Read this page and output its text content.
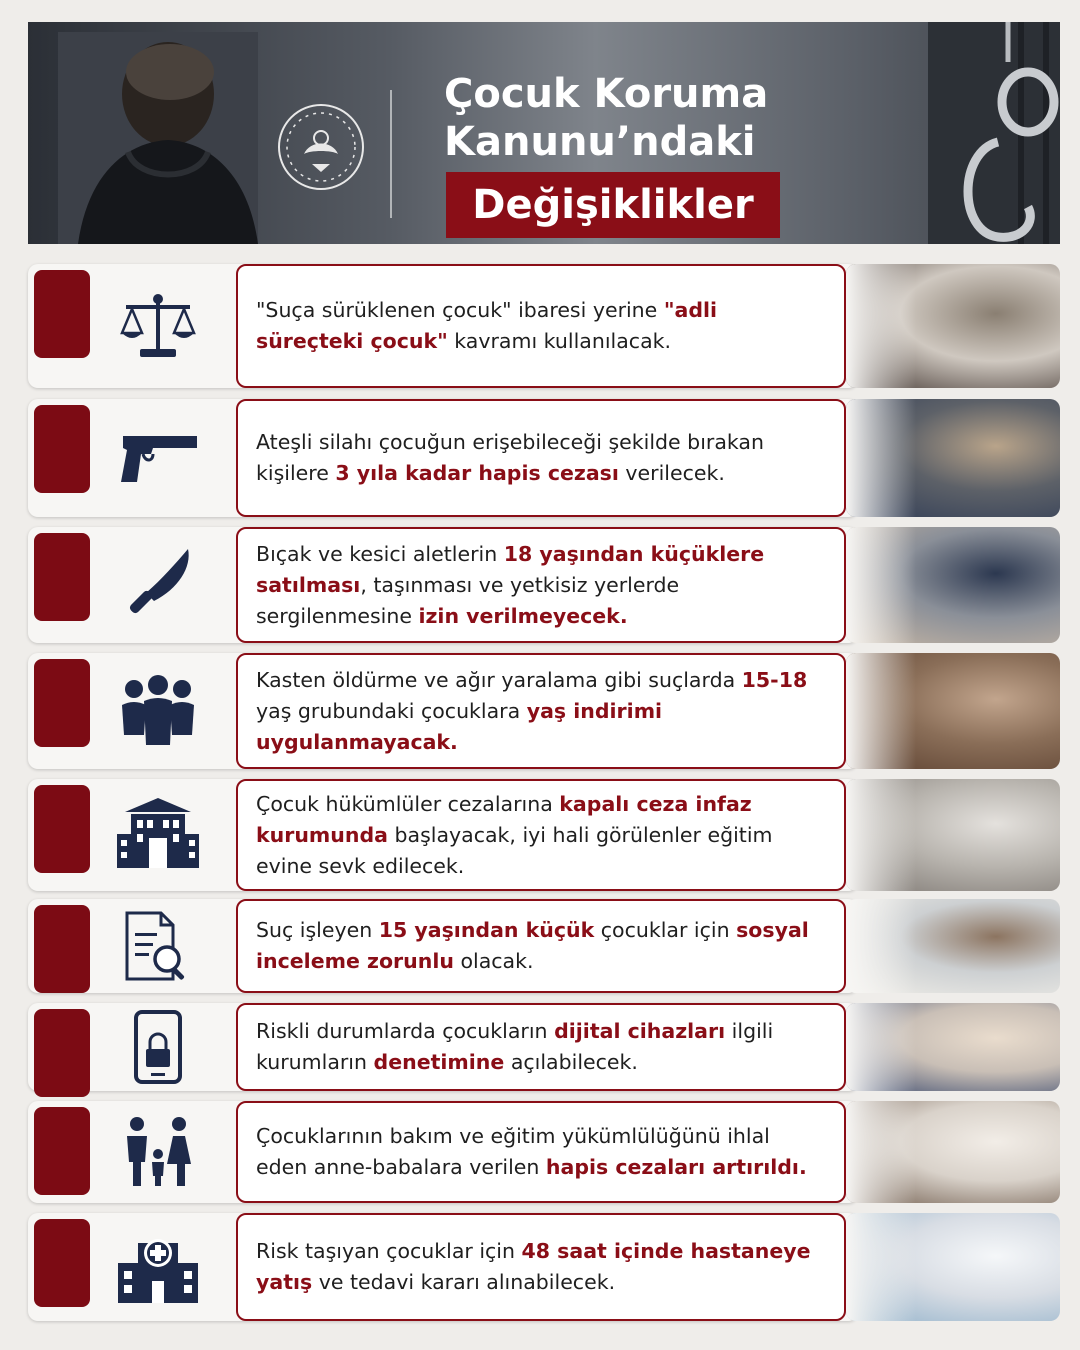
Çocuk Koruma
Kanunu’ndaki
Değişiklikler
"Suça sürüklenen çocuk" ibaresi yerine "adli süreçteki çocuk" kavramı kullanılacak.
Ateşli silahı çocuğun erişebileceği şekilde bırakan kişilere 3 yıla kadar hapis cezası verilecek.
Bıçak ve kesici aletlerin 18 yaşından küçüklere satılması, taşınması ve yetkisiz yerlerde sergilenmesine izin verilmeyecek.
Kasten öldürme ve ağır yaralama gibi suçlarda 15-18 yaş grubundaki çocuklara yaş indirimi uygulanmayacak.
Çocuk hükümlüler cezalarına kapalı ceza infaz kurumunda başlayacak, iyi hali görülenler eğitim evine sevk edilecek.
Suç işleyen 15 yaşından küçük çocuklar için sosyal inceleme zorunlu olacak.
Riskli durumlarda çocukların dijital cihazları ilgili kurumların denetimine açılabilecek.
Çocuklarının bakım ve eğitim yükümlülüğünü ihlal eden anne-babalara verilen hapis cezaları artırıldı.
Risk taşıyan çocuklar için 48 saat içinde hastaneye yatış ve tedavi kararı alınabilecek.
